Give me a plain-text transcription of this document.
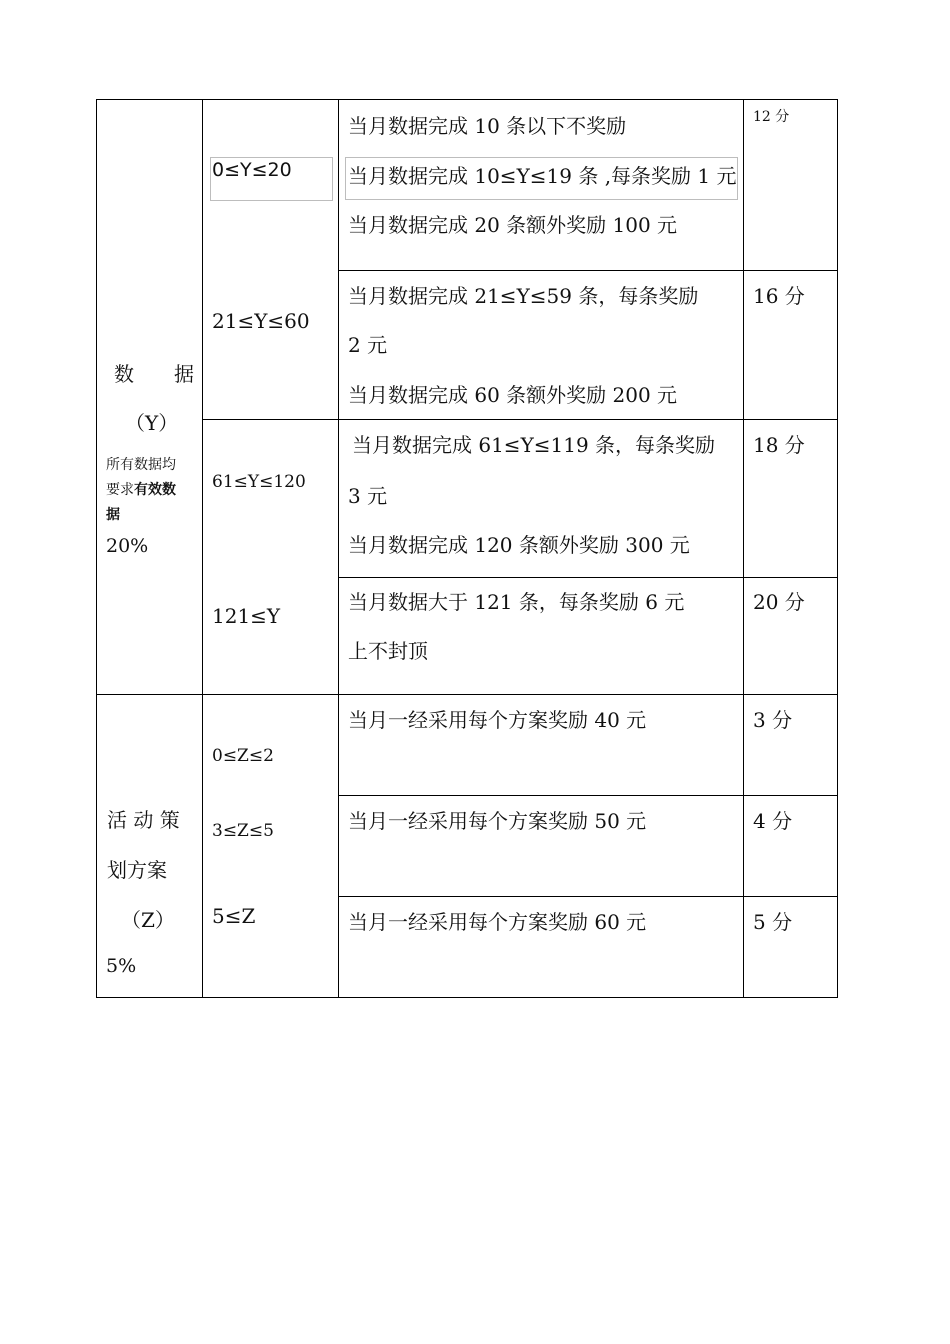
数　　据
（Y）
所有数据均
要求有效数
据
20%
0≤Y≤20
21≤Y≤60
61≤Y≤120
121≤Y
当月数据完成 10 条以下不奖励
当月数据完成 10≤Y≤19 条 ,每条奖励 1 元
当月数据完成 20 条额外奖励 100 元
当月数据完成 21≤Y≤59 条，每条奖励
2 元
当月数据完成 60 条额外奖励 200 元
当月数据完成 61≤Y≤119 条，每条奖励
3 元
当月数据完成 120 条额外奖励 300 元
当月数据大于 121 条，每条奖励 6 元
上不封顶
12 分
16 分
18 分
20 分
活 动 策
划方案
（Z）
5%
0≤Z≤2
3≤Z≤5
5≤Z
当月一经采用每个方案奖励 40 元
当月一经采用每个方案奖励 50 元
当月一经采用每个方案奖励 60 元
3 分
4 分
5 分
